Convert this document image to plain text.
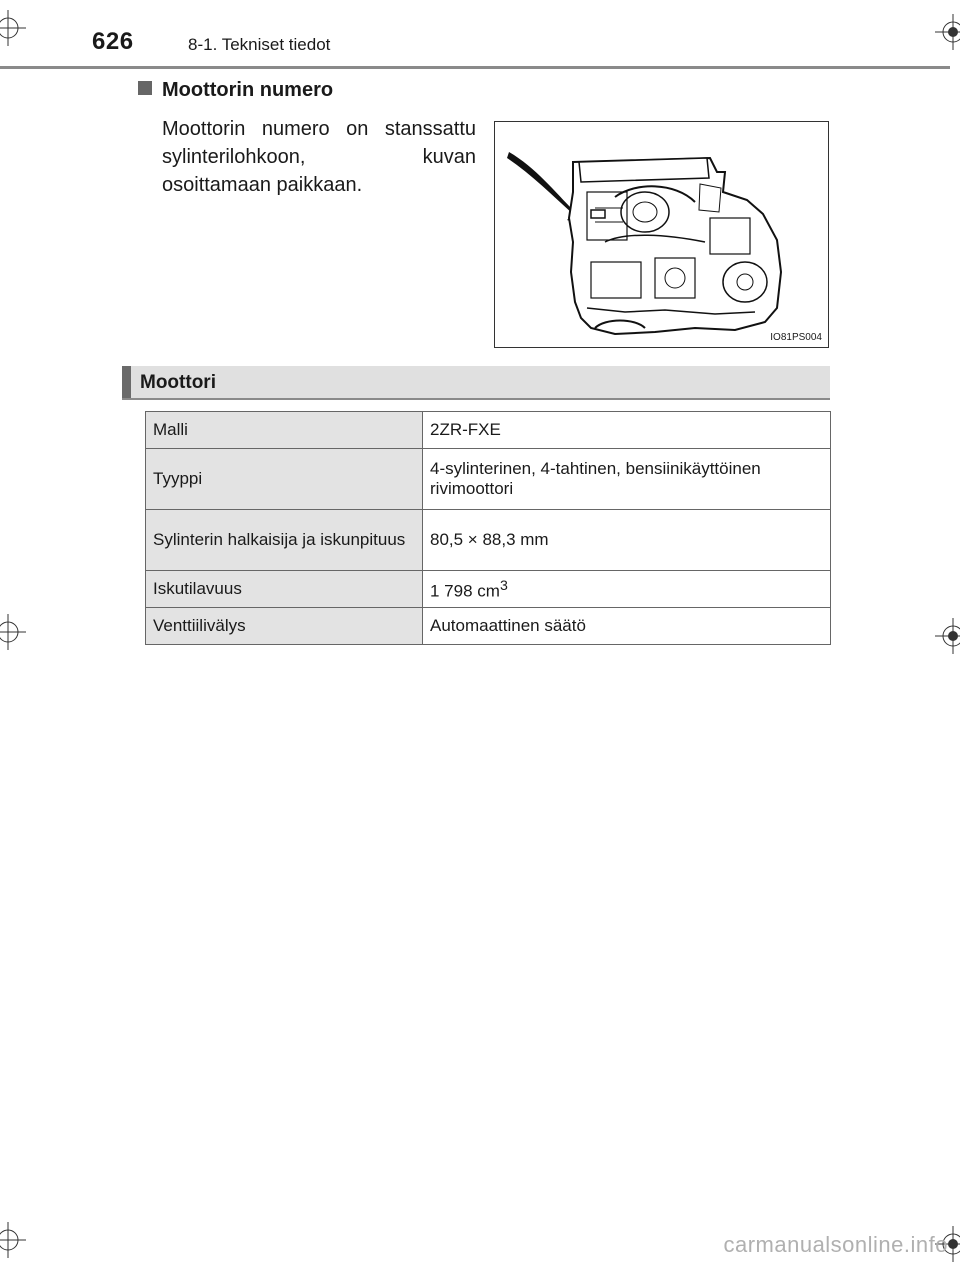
626	8-1. Tekniset tiedot
Moottorin numero
Moottorin numero on stanssattu sylinterilohkoon, kuvan osoittamaan paikkaan.
IO81PS004
Moottori
Malli	2ZR-FXE
Tyyppi	4-sylinterinen, 4-tahtinen, bensiinikäyttöinen rivimoottori
Sylinterin halkaisija ja iskunpituus	80,5 × 88,3 mm
Iskutilavuus	1 798 $cm^3$
Venttiilivälys	Automaattinen säätö
carmanualsonline.info
